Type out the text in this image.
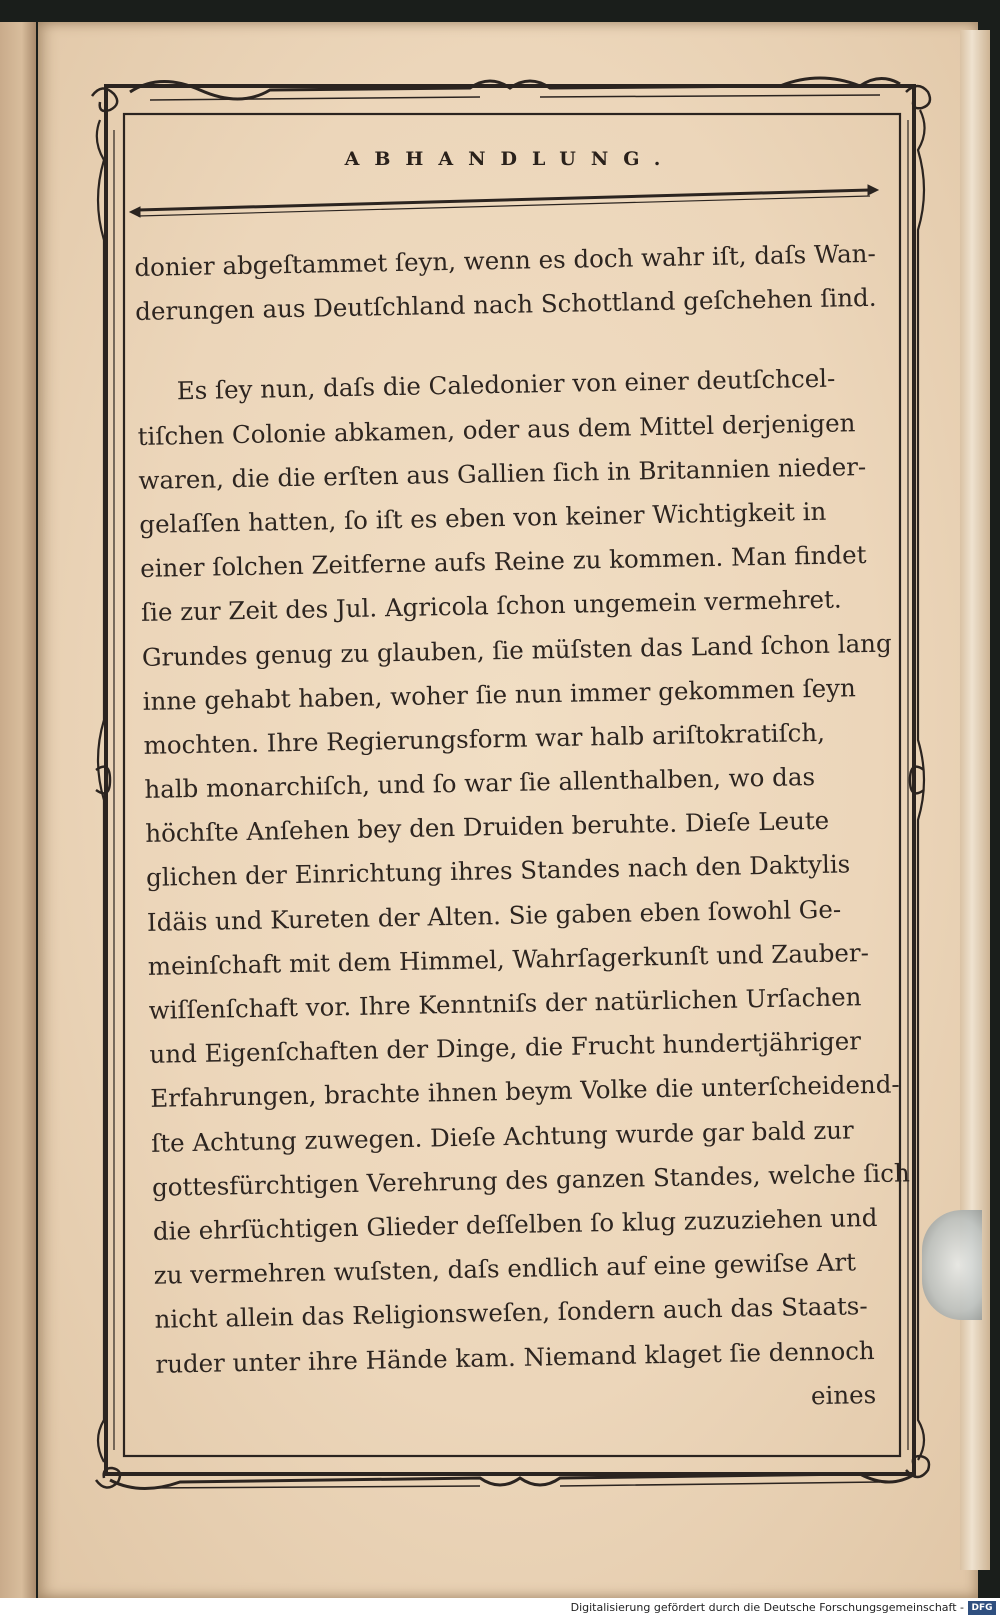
ABHANDLUNG.
donier abgeſtammet ſeyn, wenn es doch wahr iſt, daſs Wan-
derungen aus Deutſchland nach Schottland geſchehen ſind.
Es ſey nun, daſs die Caledonier von einer deutſchcel-
tiſchen Colonie abkamen, oder aus dem Mittel derjenigen
waren, die die erſten aus Gallien ſich in Britannien nieder-
gelaſſen hatten, ſo iſt es eben von keiner Wichtigkeit in
einer ſolchen Zeitferne aufs Reine zu kommen. Man findet
ſie zur Zeit des Jul. Agricola ſchon ungemein vermehret.
Grundes genug zu glauben, ſie müſsten das Land ſchon lang
inne gehabt haben, woher ſie nun immer gekommen ſeyn
mochten. Ihre Regierungsform war halb ariſtokratiſch,
halb monarchiſch, und ſo war ſie allenthalben, wo das
höchſte Anſehen bey den Druiden beruhte. Dieſe Leute
glichen der Einrichtung ihres Standes nach den Daktylis
Idäis und Kureten der Alten. Sie gaben eben ſowohl Ge-
meinſchaft mit dem Himmel, Wahrſagerkunſt und Zauber-
wiſſenſchaft vor. Ihre Kenntniſs der natürlichen Urſachen
und Eigenſchaften der Dinge, die Frucht hundertjähriger
Erfahrungen, brachte ihnen beym Volke die unterſcheidend-
ſte Achtung zuwegen. Dieſe Achtung wurde gar bald zur
gottesfürchtigen Verehrung des ganzen Standes, welche ſich
die ehrſüchtigen Glieder deſſelben ſo klug zuzuziehen und
zu vermehren wuſsten, daſs endlich auf eine gewiſse Art
nicht allein das Religionsweſen, ſondern auch das Staats-
ruder unter ihre Hände kam. Niemand klaget ſie dennoch
eines
Digitalisierung gefördert durch die Deutsche Forschungsgemeinschaft - DFG
